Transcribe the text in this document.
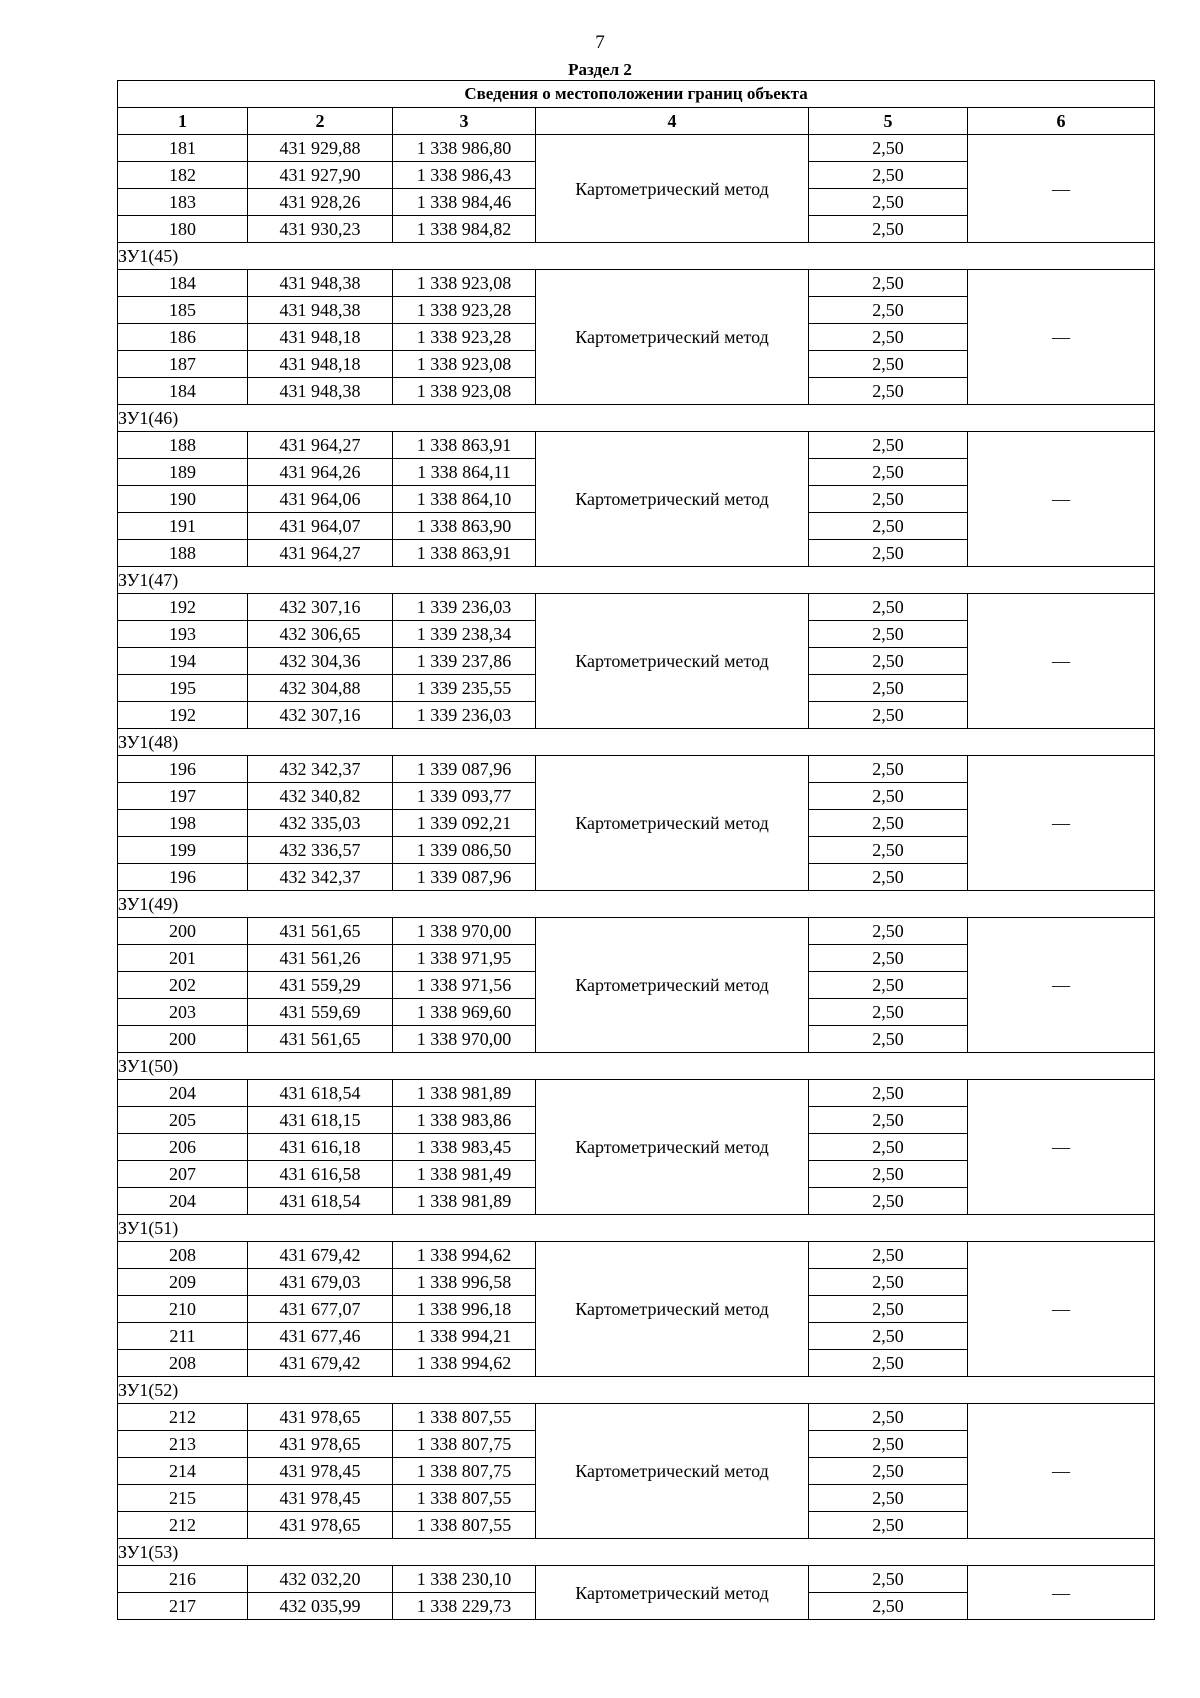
7
Раздел 2
Сведения о местоположении границ объекта					
1	2	3	4	5	6
181	431 929,88	1 338 986,80	Картометрический метод	2,50	—
182	431 927,90	1 338 986,43		2,50	
183	431 928,26	1 338 984,46		2,50	
180	431 930,23	1 338 984,82		2,50	
ЗУ1(45)					
184	431 948,38	1 338 923,08	Картометрический метод	2,50	—
185	431 948,38	1 338 923,28		2,50	
186	431 948,18	1 338 923,28		2,50	
187	431 948,18	1 338 923,08		2,50	
184	431 948,38	1 338 923,08		2,50	
ЗУ1(46)					
188	431 964,27	1 338 863,91	Картометрический метод	2,50	—
189	431 964,26	1 338 864,11		2,50	
190	431 964,06	1 338 864,10		2,50	
191	431 964,07	1 338 863,90		2,50	
188	431 964,27	1 338 863,91		2,50	
ЗУ1(47)					
192	432 307,16	1 339 236,03	Картометрический метод	2,50	—
193	432 306,65	1 339 238,34		2,50	
194	432 304,36	1 339 237,86		2,50	
195	432 304,88	1 339 235,55		2,50	
192	432 307,16	1 339 236,03		2,50	
ЗУ1(48)					
196	432 342,37	1 339 087,96	Картометрический метод	2,50	—
197	432 340,82	1 339 093,77		2,50	
198	432 335,03	1 339 092,21		2,50	
199	432 336,57	1 339 086,50		2,50	
196	432 342,37	1 339 087,96		2,50	
ЗУ1(49)					
200	431 561,65	1 338 970,00	Картометрический метод	2,50	—
201	431 561,26	1 338 971,95		2,50	
202	431 559,29	1 338 971,56		2,50	
203	431 559,69	1 338 969,60		2,50	
200	431 561,65	1 338 970,00		2,50	
ЗУ1(50)					
204	431 618,54	1 338 981,89	Картометрический метод	2,50	—
205	431 618,15	1 338 983,86		2,50	
206	431 616,18	1 338 983,45		2,50	
207	431 616,58	1 338 981,49		2,50	
204	431 618,54	1 338 981,89		2,50	
ЗУ1(51)					
208	431 679,42	1 338 994,62	Картометрический метод	2,50	—
209	431 679,03	1 338 996,58		2,50	
210	431 677,07	1 338 996,18		2,50	
211	431 677,46	1 338 994,21		2,50	
208	431 679,42	1 338 994,62		2,50	
ЗУ1(52)					
212	431 978,65	1 338 807,55	Картометрический метод	2,50	—
213	431 978,65	1 338 807,75		2,50	
214	431 978,45	1 338 807,75		2,50	
215	431 978,45	1 338 807,55		2,50	
212	431 978,65	1 338 807,55		2,50	
ЗУ1(53)					
216	432 032,20	1 338 230,10	Картометрический метод	2,50	—
217	432 035,99	1 338 229,73		2,50	
